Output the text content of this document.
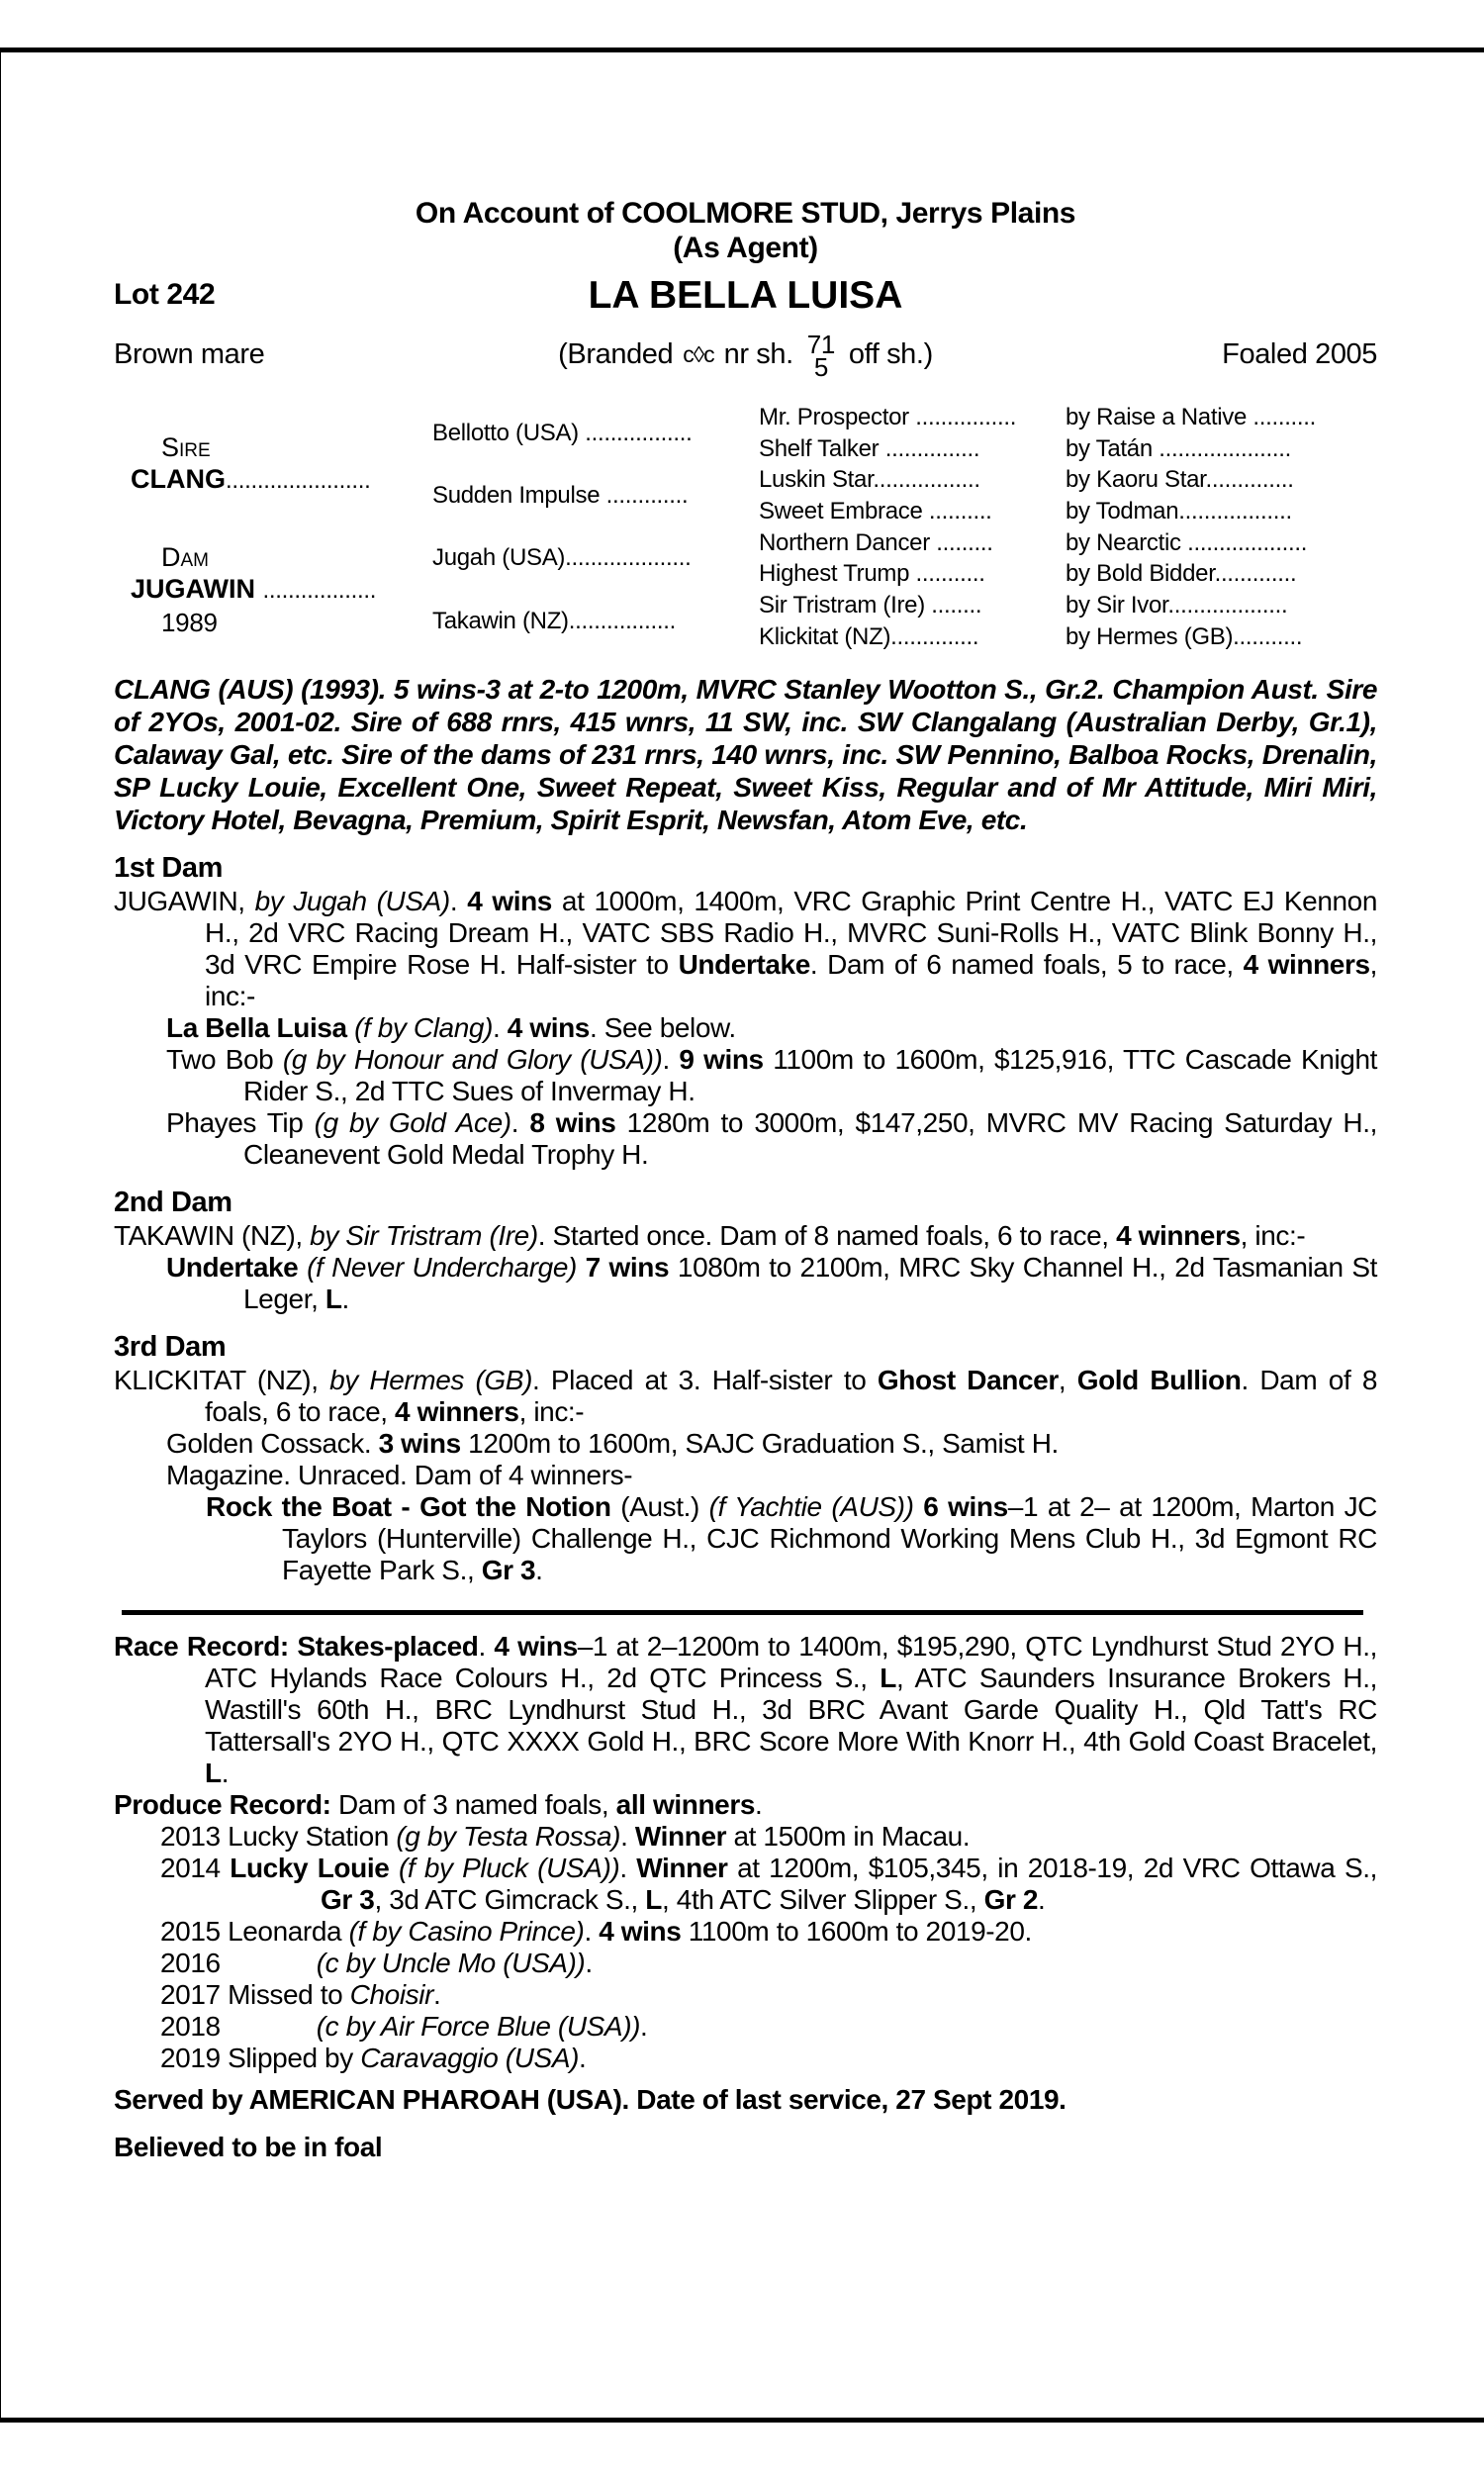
On Account of COOLMORE STUD, Jerrys Plains
(As Agent)
Lot 242	LA BELLA LUISA
Brown mare	(Branded c◊c nr sh. 71
5 off sh.)	Foaled 2005
Sire
CLANG.......................
Bellotto (USA) .................
Mr. Prospector ................	by Raise a Native ..........
Shelf Talker ...............	by Tatán .....................
Sudden Impulse .............
Luskin Star.................	by Kaoru Star..............
Sweet Embrace ..........	by Todman..................
Dam
JUGAWIN ..................
1989
Jugah (USA)....................
Northern Dancer .........	by Nearctic ...................
Highest Trump ...........	by Bold Bidder.............
Takawin (NZ).................
Sir Tristram (Ire) ........	by Sir Ivor...................
Klickitat (NZ)..............	by Hermes (GB)...........
CLANG (AUS) (1993). 5 wins-3 at 2-to 1200m, MVRC Stanley Wootton S., Gr.2. Champion Aust. Sire of 2YOs, 2001-02. Sire of 688 rnrs, 415 wnrs, 11 SW, inc. SW Clangalang (Australian Derby, Gr.1), Calaway Gal, etc. Sire of the dams of 231 rnrs, 140 wnrs, inc. SW Pennino, Balboa Rocks, Drenalin, SP Lucky Louie, Excellent One, Sweet Repeat, Sweet Kiss, Regular and of Mr Attitude, Miri Miri, Victory Hotel, Bevagna, Premium, Spirit Esprit, Newsfan, Atom Eve, etc.
1st Dam

JUGAWIN, by Jugah (USA). 4 wins at 1000m, 1400m, VRC Graphic Print Centre H., VATC EJ Kennon H., 2d VRC Racing Dream H., VATC SBS Radio H., MVRC Suni-Rolls H., VATC Blink Bonny H., 3d VRC Empire Rose H. Half-sister to Undertake. Dam of 6 named foals, 5 to race, 4 winners, inc:-

La Bella Luisa (f by Clang). 4 wins. See below.

Two Bob (g by Honour and Glory (USA)). 9 wins 1100m to 1600m, $125,916, TTC Cascade Knight Rider S., 2d TTC Sues of Invermay H.

Phayes Tip (g by Gold Ace). 8 wins 1280m to 3000m, $147,250, MVRC MV Racing Saturday H., Cleanevent Gold Medal Trophy H.

2nd Dam

TAKAWIN (NZ), by Sir Tristram (Ire). Started once. Dam of 8 named foals, 6 to race, 4 winners, inc:-

Undertake (f Never Undercharge) 7 wins 1080m to 2100m, MRC Sky Channel H., 2d Tasmanian St Leger, L.

3rd Dam

KLICKITAT (NZ), by Hermes (GB). Placed at 3. Half-sister to Ghost Dancer, Gold Bullion. Dam of 8 foals, 6 to race, 4 winners, inc:-

Golden Cossack. 3 wins 1200m to 1600m, SAJC Graduation S., Samist H.

Magazine. Unraced. Dam of 4 winners-

Rock the Boat - Got the Notion (Aust.) (f Yachtie (AUS)) 6 wins–1 at 2– at 1200m, Marton JC Taylors (Hunterville) Challenge H., CJC Richmond Working Mens Club H., 3d Egmont RC Fayette Park S., Gr 3.

Race Record: Stakes-placed. 4 wins–1 at 2–1200m to 1400m, $195,290, QTC Lyndhurst Stud 2YO H., ATC Hylands Race Colours H., 2d QTC Princess S., L, ATC Saunders Insurance Brokers H., Wastill's 60th H., BRC Lyndhurst Stud H., 3d BRC Avant Garde Quality H., Qld Tatt's RC Tattersall's 2YO H., QTC XXXX Gold H., BRC Score More With Knorr H., 4th Gold Coast Bracelet, L.

Produce Record: Dam of 3 named foals, all winners.

2013 Lucky Station (g by Testa Rossa). Winner at 1500m in Macau.

2014 Lucky Louie (f by Pluck (USA)). Winner at 1200m, $105,345, in 2018-19, 2d VRC Ottawa S., Gr 3, 3d ATC Gimcrack S., L, 4th ATC Silver Slipper S., Gr 2.

2015 Leonarda (f by Casino Prince). 4 wins 1100m to 1600m to 2019-20.

2016	(c by Uncle Mo (USA)).

2017 Missed to Choisir.

2018	(c by Air Force Blue (USA)).

2019 Slipped by Caravaggio (USA).

Served by AMERICAN PHAROAH (USA). Date of last service, 27 Sept 2019.
Believed to be in foal
